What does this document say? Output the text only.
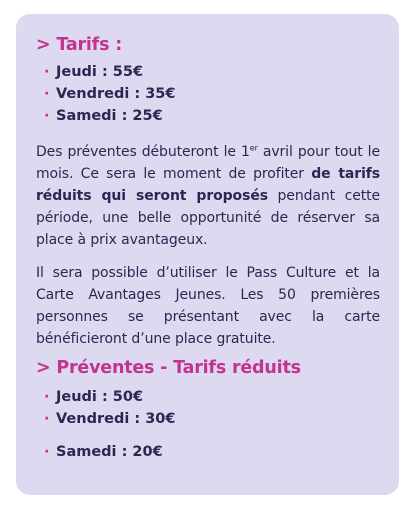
> Tarifs :
· Jeudi : 55€
· Vendredi : 35€
· Samedi : 25€

Des préventes débuteront le 1er avril pour tout le mois. Ce sera le moment de profiter de tarifs réduits qui seront proposés pendant cette période, une belle opportunité de réserver sa place à prix avantageux.

Il sera possible d’utiliser le Pass Culture et la Carte Avantages Jeunes. Les 50 premières personnes se présentant avec la carte bénéficieront d’une place gratuite.

> Préventes - Tarifs réduits
· Jeudi : 50€
· Vendredi : 30€
· Samedi : 20€
